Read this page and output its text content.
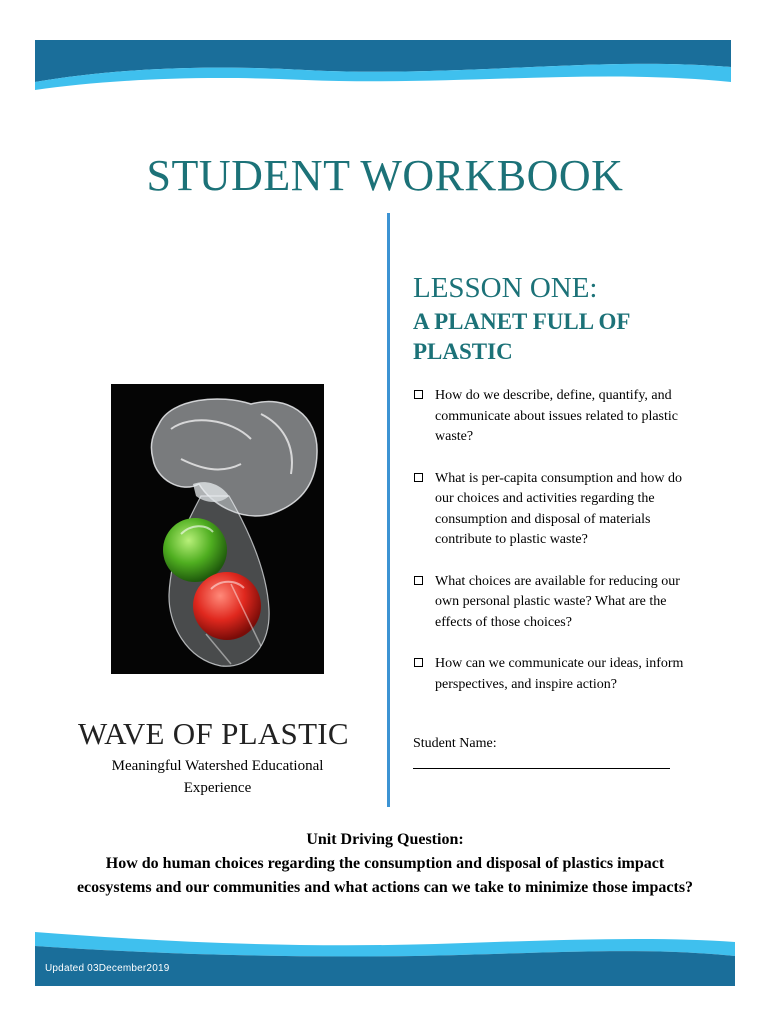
STUDENT WORKBOOK
LESSON ONE:
A PLANET FULL OF
PLASTIC
How do we describe, define, quantify, and communicate about issues related to plastic waste?
What is per-capita consumption and how do our choices and activities regarding the consumption and disposal of materials contribute to plastic waste?
What choices are available for reducing our own personal plastic waste? What are the effects of those choices?
How can we communicate our ideas, inform perspectives, and inspire action?
Student Name:
WAVE OF PLASTIC
Meaningful Watershed Educational Experience
Unit Driving Question:
How do human choices regarding the consumption and disposal of plastics impact ecosystems and our communities and what actions can we take to minimize those impacts?
Updated 03December2019
